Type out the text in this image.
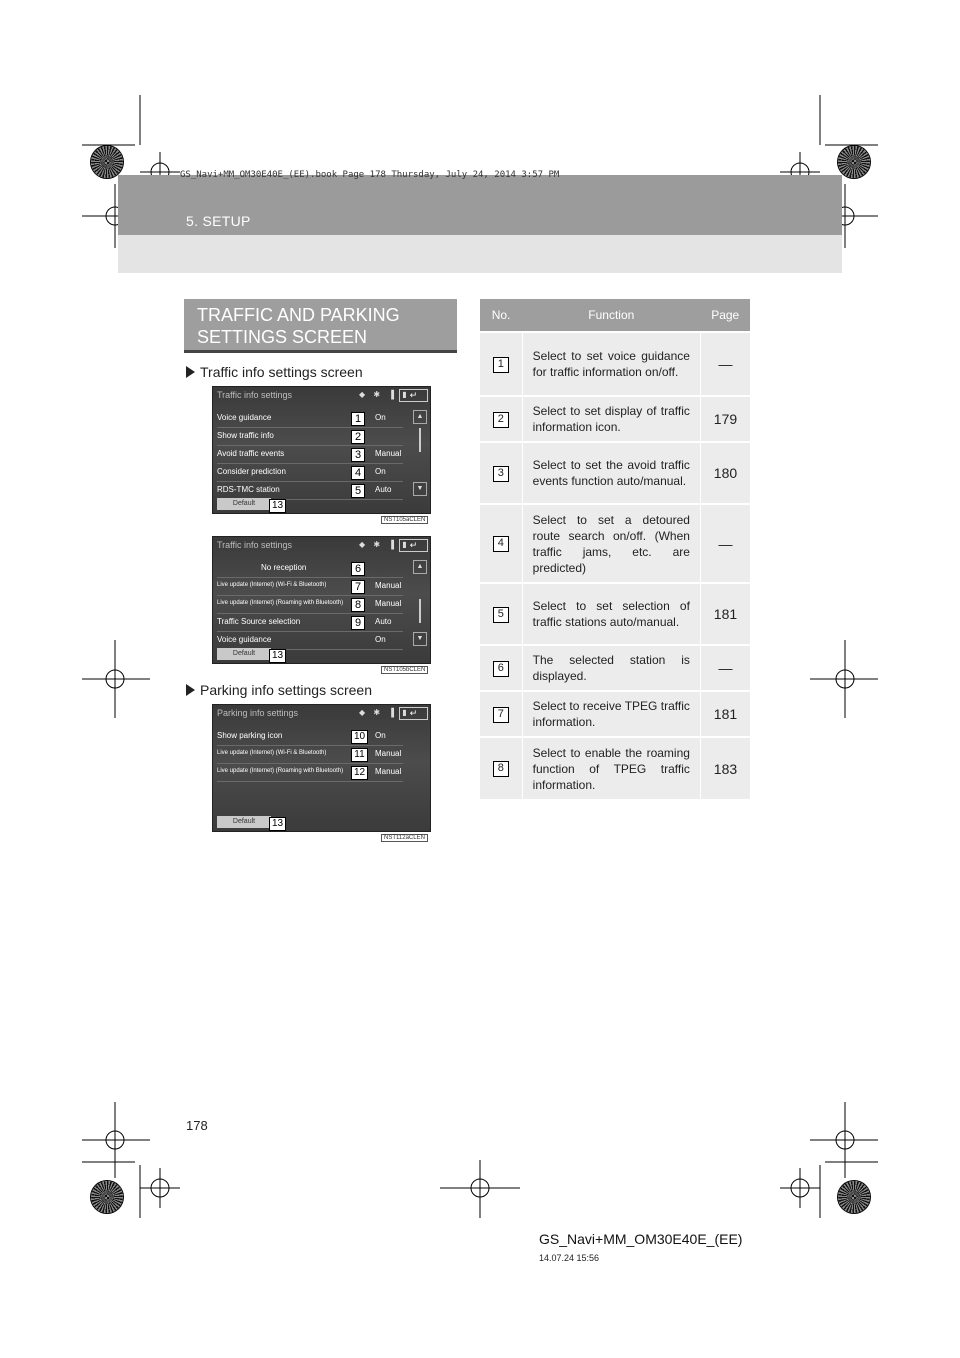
5. SETUP
GS_Navi+MM_OM30E40E_(EE).book Page 178 Thursday, July 24, 2014 3:57 PM
TRAFFIC AND PARKING SETTINGS SCREEN
Traffic info settings screen
Traffic info settings	◆ ✱ ▐ ▮ ↵
Voice guidance	On
1
Show traffic info	2
Avoid traffic events	Manual
3
Consider prediction	On
4
RDS-TMC station	Auto
5
▲
▼
Default	13
NST105aCLEN
Traffic info settings	◆ ✱ ▐ ▮ ↵
No reception	6
Live update (Internet) (Wi-Fi & Bluetooth)	Manual
7
Live update (Internet) (Roaming with Bluetooth)	Manual
8
Traffic Source selection	Auto
9
Voice guidance	On
▲
▼
Default	13
NST105bCLEN
Parking info settings screen
Parking info settings	◆ ✱ ▐ ▮ ↵
Show parking icon	On
10
Live update (Internet) (Wi-Fi & Bluetooth)	Manual
11
Live update (Internet) (Roaming with Bluetooth)	Manual
12
Default	13
NST112aCLEN
No.	Function	Page
1	Select to set voice guidance for traffic information on/off.	—
2	Select to set display of traffic information icon.	179
3	Select to set the avoid traffic events function auto/manual.	180
4	Select to set a detoured route search on/off. (When traffic jams, etc. are predicted)	—
5	Select to set selection of traffic stations auto/manual.	181
6	The selected station is displayed.	—
7	Select to receive TPEG traffic information.	181
8	Select to enable the roaming function of TPEG traffic information.	183
178
GS_Navi+MM_OM30E40E_(EE)
14.07.24 15:56
